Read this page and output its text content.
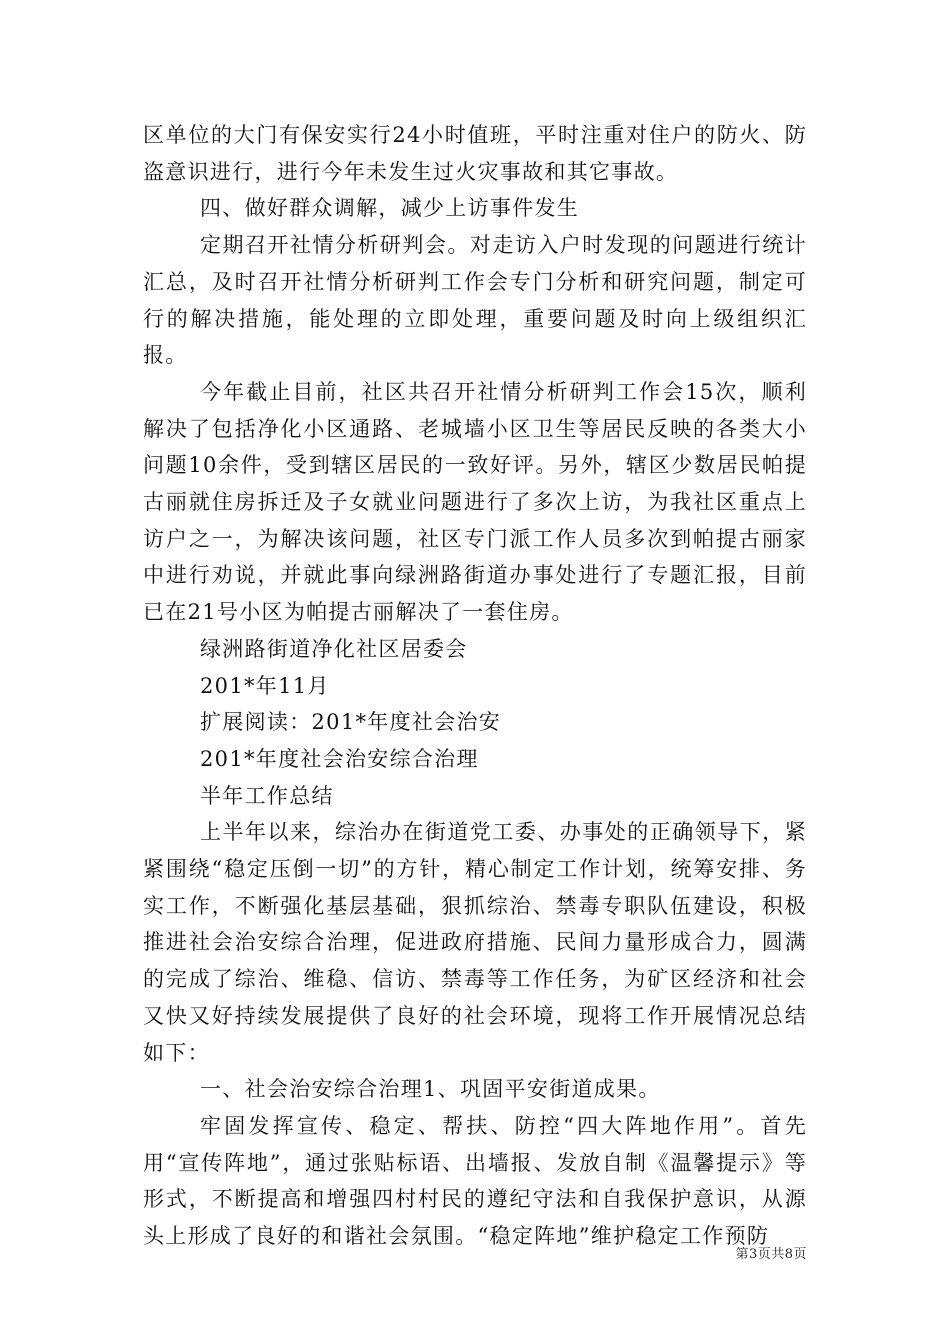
区单位的大门有保安实行24小时值班，平时注重对住户的防火、防盗意识进行，进行今年未发生过火灾事故和其它事故。

四、做好群众调解，减少上访事件发生

定期召开社情分析研判会。对走访入户时发现的问题进行统计汇总，及时召开社情分析研判工作会专门分析和研究问题，制定可行的解决措施，能处理的立即处理，重要问题及时向上级组织汇报。

今年截止目前，社区共召开社情分析研判工作会15次，顺利解决了包括净化小区通路、老城墙小区卫生等居民反映的各类大小问题10余件，受到辖区居民的一致好评。另外，辖区少数居民帕提古丽就住房拆迁及子女就业问题进行了多次上访，为我社区重点上访户之一，为解决该问题，社区专门派工作人员多次到帕提古丽家中进行劝说，并就此事向绿洲路街道办事处进行了专题汇报，目前已在21号小区为帕提古丽解决了一套住房。

绿洲路街道净化社区居委会

201*年11月

扩展阅读：201*年度社会治安

201*年度社会治安综合治理

半年工作总结

上半年以来，综治办在街道党工委、办事处的正确领导下，紧紧围绕“稳定压倒一切”的方针，精心制定工作计划，统筹安排、务实工作，不断强化基层基础，狠抓综治、禁毒专职队伍建设，积极推进社会治安综合治理，促进政府措施、民间力量形成合力，圆满的完成了综治、维稳、信访、禁毒等工作任务，为矿区经济和社会又快又好持续发展提供了良好的社会环境，现将工作开展情况总结如下：

一、社会治安综合治理1、巩固平安街道成果。

牢固发挥宣传、稳定、帮扶、防控“四大阵地作用”。首先用“宣传阵地”，通过张贴标语、出墙报、发放自制《温馨提示》等形式，不断提高和增强四村村民的遵纪守法和自我保护意识，从源头上形成了良好的和谐社会氛围。“稳定阵地”维护稳定工作预防

第3页共8页
